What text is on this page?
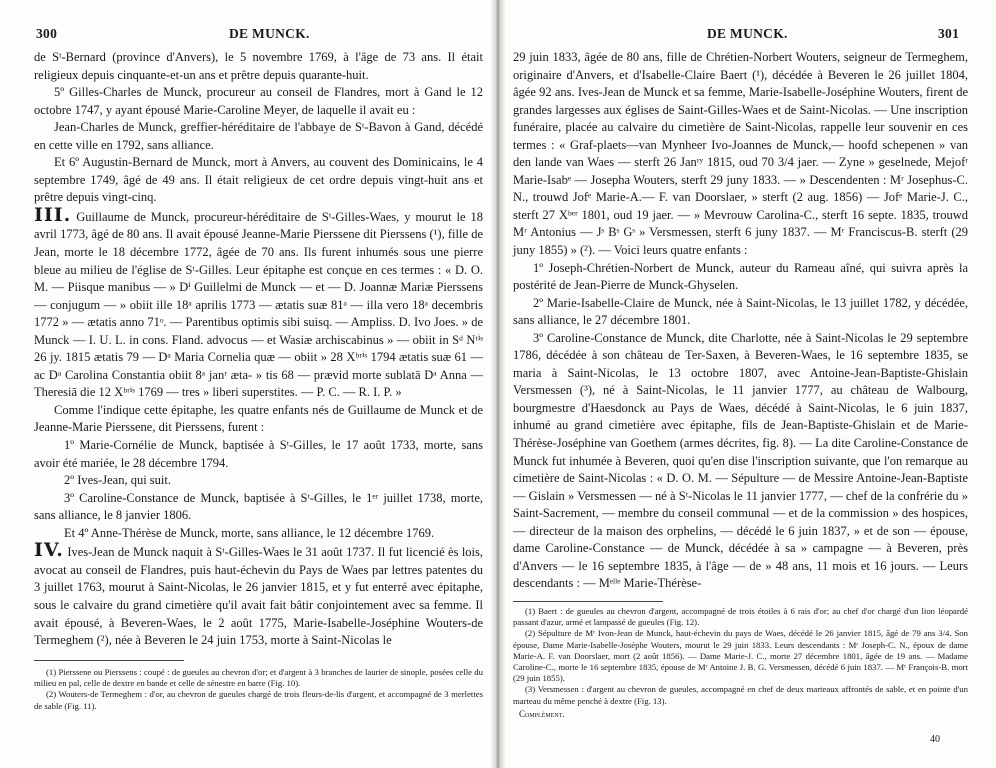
300	DE MUNCK.

de Sᵗ-Bernard (province d'Anvers), le 5 novembre 1769, à l'âge de 73 ans. Il était religieux depuis cinquante-et-un ans et prêtre depuis quarante-huit.

5º Gilles-Charles de Munck, procureur au conseil de Flandres, mort à Gand le 12 octobre 1747, y ayant épousé Marie-Caroline Meyer, de laquelle il avait eu :

Jean-Charles de Munck, greffier-héréditaire de l'abbaye de Sᵗ-Bavon à Gand, décédé en cette ville en 1792, sans alliance.

Et 6º Augustin-Bernard de Munck, mort à Anvers, au couvent des Dominicains, le 4 septembre 1749, âgé de 49 ans. Il était religieux de cet ordre depuis vingt-huit ans et prêtre depuis vingt-cinq.

III. Guillaume de Munck, procureur-héréditaire de Sᵗ-Gilles-Waes, y mourut le 18 avril 1773, âgé de 80 ans. Il avait épousé Jeanne-Marie Pierssene dit Pierssens (¹), fille de Jean, morte le 18 décembre 1772, âgée de 70 ans. Ils furent inhumés sous une pierre bleue au milieu de l'église de Sᵗ-Gilles. Leur épitaphe est conçue en ces termes : « D. O. M. — Piisque manibus — » Dⁱ Guillelmi de Munck — et — D. Joannæ Mariæ Pierssens — conjugum — » obiit ille 18ᵃ aprilis 1773 — ætatis suæ 81ᵃ — illa vero 18ᵃ decembris 1772 » — ætatis anno 71ᵒ. — Parentibus optimis sibi suisq. — Ampliss. D. Ivo Joes. » de Munck — I. U. L. in cons. Fland. advocus — et Wasiæ archiscabinus » — obiit in Sᵈ Nᵗⁱˢ 26 jy. 1815 ætatis 79 — Dᵃ Maria Cornelia quæ — obiit » 28 Xᵇʳⁱˢ 1794 ætatis suæ 61 — ac Dᵃ Carolina Constantia obiit 8ᵃ janʳ æta- » tis 68 — prævid morte sublatā Dᵃ Anna — Theresiā die 12 Xᵇʳⁱˢ 1769 — tres » liberi superstites. — P. C. — R. I. P. »

Comme l'indique cette épitaphe, les quatre enfants nés de Guillaume de Munck et de Jeanne-Marie Pierssene, dit Pierssens, furent :

1º Marie-Cornélie de Munck, baptisée à Sᵗ-Gilles, le 17 août 1733, morte, sans avoir été mariée, le 28 décembre 1794.

2º Ives-Jean, qui suit.

3º Caroline-Constance de Munck, baptisée à Sᵗ-Gilles, le 1ᵉʳ juillet 1738, morte, sans alliance, le 8 janvier 1806.

Et 4º Anne-Thérèse de Munck, morte, sans alliance, le 12 décembre 1769.

IV. Ives-Jean de Munck naquit à Sᵗ-Gilles-Waes le 31 août 1737. Il fut licencié ès lois, avocat au conseil de Flandres, puis haut-échevin du Pays de Waes par lettres patentes du 3 juillet 1763, mourut à Saint-Nicolas, le 26 janvier 1815, et y fut enterré avec épitaphe, sous le calvaire du grand cimetière qu'il avait fait bâtir conjointement avec sa femme. Il avait épousé, à Beveren-Waes, le 2 août 1775, Marie-Isabelle-Joséphine Wouters-de Termeghem (²), née à Beveren le 24 juin 1753, morte à Saint-Nicolas le

(1) Pierssene ou Pierssens : coupé : de gueules au chevron d'or; et d'argent à 3 branches de laurier de sinople, posées celle du milieu en pal, celle de dextre en bande et celle de sénestre en barre (Fig. 10).

(2) Wouters-de Termeghem : d'or, au chevron de gueules chargé de trois fleurs-de-lis d'argent, et accompagné de 3 merlettes de sable (Fig. 11).

DE MUNCK.	301

29 juin 1833, âgée de 80 ans, fille de Chrétien-Norbert Wouters, seigneur de Termeghem, originaire d'Anvers, et d'Isabelle-Claire Baert (¹), décédée à Beveren le 26 juillet 1804, âgée 92 ans. Ives-Jean de Munck et sa femme, Marie-Isabelle-Joséphine Wouters, firent de grandes largesses aux églises de Saint-Gilles-Waes et de Saint-Nicolas. — Une inscription funéraire, placée au calvaire du cimetière de Saint-Nicolas, rappelle leur souvenir en ces termes : « Graf-plaets—van Mynheer Ivo-Joannes de Munck,— hoofd schepenen » van den lande van Waes — sterft 26 Janʳʸ 1815, oud 70 3/4 jaer. — Zyne » geselnede, Mejofʳ Marie-Isabᵉ — Josepha Wouters, sterft 29 juny 1833. — » Descendenten : Mʳ Josephus-C. N., trouwd Jofᵉ Marie-A.— F. van Doorslaer, » sterft (2 aug. 1856) — Jofᵉ Marie-J. C., sterft 27 Xᵇᵉʳ 1801, oud 19 jaer. — » Mevrouw Carolina-C., sterft 16 septe. 1835, trouwd Mʳ Antonius — Jˢ Bˢ Gˢ » Versmessen, sterft 6 juny 1837. — Mʳ Franciscus-B. sterft (29 juny 1855) » (²). — Voici leurs quatre enfants :

1º Joseph-Chrétien-Norbert de Munck, auteur du Rameau aîné, qui suivra après la postérité de Jean-Pierre de Munck-Ghyselen.

2º Marie-Isabelle-Claire de Munck, née à Saint-Nicolas, le 13 juillet 1782, y décédée, sans alliance, le 27 décembre 1801.

3º Caroline-Constance de Munck, dite Charlotte, née à Saint-Nicolas le 29 septembre 1786, décédée à son château de Ter-Saxen, à Beveren-Waes, le 16 septembre 1835, se maria à Saint-Nicolas, le 13 octobre 1807, avec Antoine-Jean-Baptiste-Ghislain Versmessen (³), né à Saint-Nicolas, le 11 janvier 1777, au château de Walbourg, bourgmestre d'Haesdonck au Pays de Waes, décédé à Saint-Nicolas, le 6 juin 1837, inhumé au grand cimetière avec épitaphe, fils de Jean-Baptiste-Ghislain et de Marie-Thérèse-Joséphine van Goethem (armes décrites, fig. 8). — La dite Caroline-Constance de Munck fut inhumée à Beveren, quoi qu'en dise l'inscription suivante, que l'on remarque au cimetière de Saint-Nicolas : « D. O. M. — Sépulture — de Messire Antoine-Jean-Baptiste — Gislain » Versmessen — né à Sᵗ-Nicolas le 11 janvier 1777, — chef de la confrérie du » Saint-Sacrement, — membre du conseil communal — et de la commission » des hospices, — directeur de la maison des orphelins, — décédé le 6 juin 1837, » et de son — épouse, dame Caroline-Constance — de Munck, décédée à sa » campagne — à Beveren, près d'Anvers — le 16 septembre 1835, à l'âge — de » 48 ans, 11 mois et 16 jours. — Leurs descendants : — Mᵉˡˡᵉ Marie-Thérèse-

(1) Baert : de gueules au chevron d'argent, accompagné de trois étoiles à 6 rais d'or; au chef d'or chargé d'un lion léopardé passant d'azur, armé et lampassé de gueules (Fig. 12).

(2) Sépulture de Mʳ Ivon-Jean de Munck, haut-échevin du pays de Waes, décédé le 26 janvier 1815, âgé de 79 ans 3/4. Son épouse, Dame Marie-Isabelle-Joséphe Wouters, mourut le 29 juin 1833. Leurs descendants : Mʳ Joseph-C. N., époux de dame Marie-A. F. van Doorslaer, mort (2 août 1856). — Dame Marie-J. C., morte 27 décembre 1801, âgée de 19 ans. — Madame Caroline-C., morte le 16 septembre 1835, épouse de Mʳ Antoine J. B. G. Versmessen, décédé 6 juin 1837. — Mʳ François-B. mort (29 juin 1855).

(3) Versmessen : d'argent au chevron de gueules, accompagné en chef de deux marteaux affrontés de sable, et en pointe d'un marteau du même penché à dextre (Fig. 13).

Complément.

40
